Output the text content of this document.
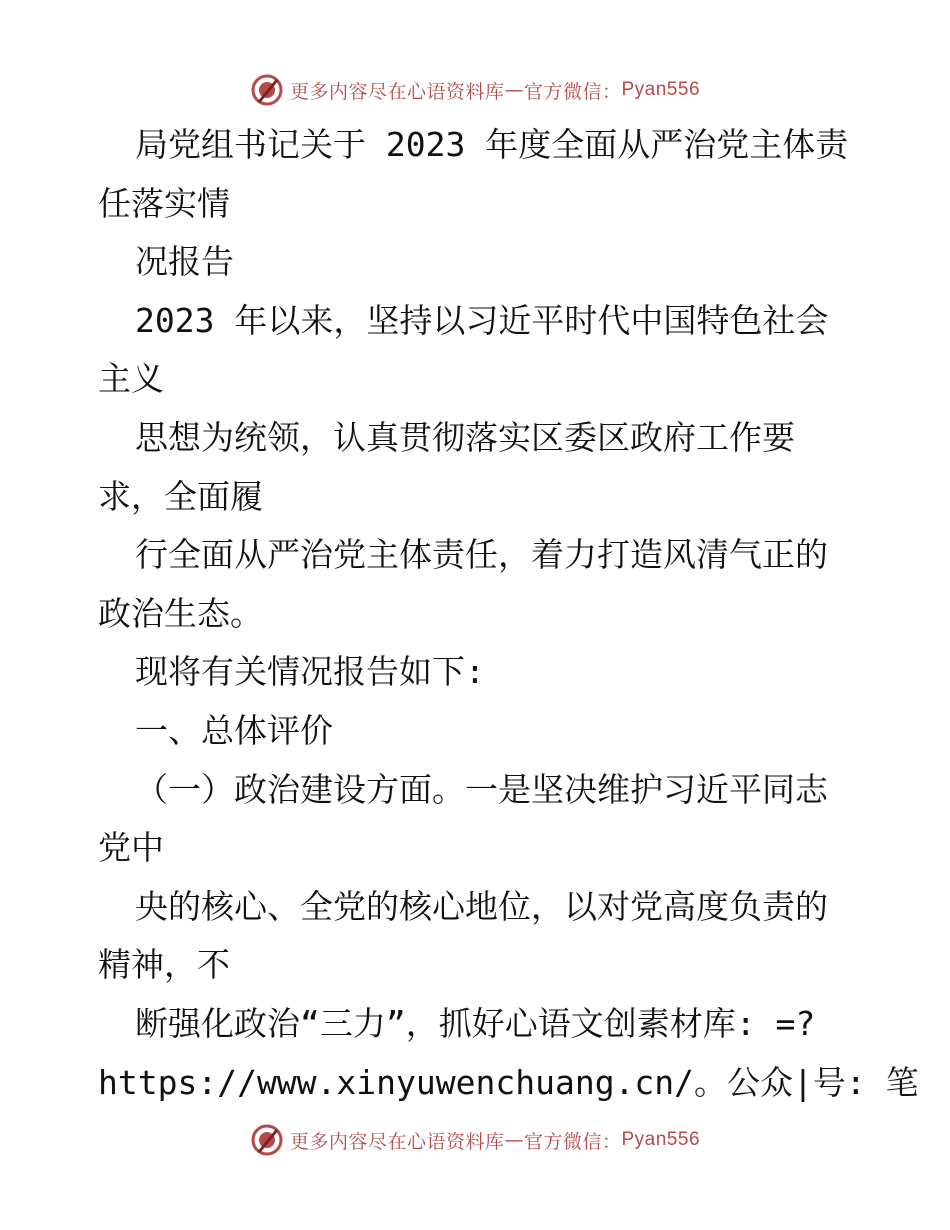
更多内容尽在心语资料库 — 官方微信： Pyan556
局党组书记关于 2023 年度全面从严治党主体责
任落实情
况报告
2023 年以来，坚持以习近平时代中国特色社会
主义
思想为统领，认真贯彻落实区委区政府工作要
求，全面履
行全面从严治党主体责任，着力打造风清气正的
政治生态。
现将有关情况报告如下:
一、总体评价
（一）政治建设方面。一是坚决维护习近平同志
党中
央的核心、全党的核心地位，以对党高度负责的
精神，不
断强化政治“三力”，抓好心语文创素材库: =?
https://www.xinyuwenchuang.cn/。公众|号: 笔
更多内容尽在心语资料库 — 官方微信： Pyan556
